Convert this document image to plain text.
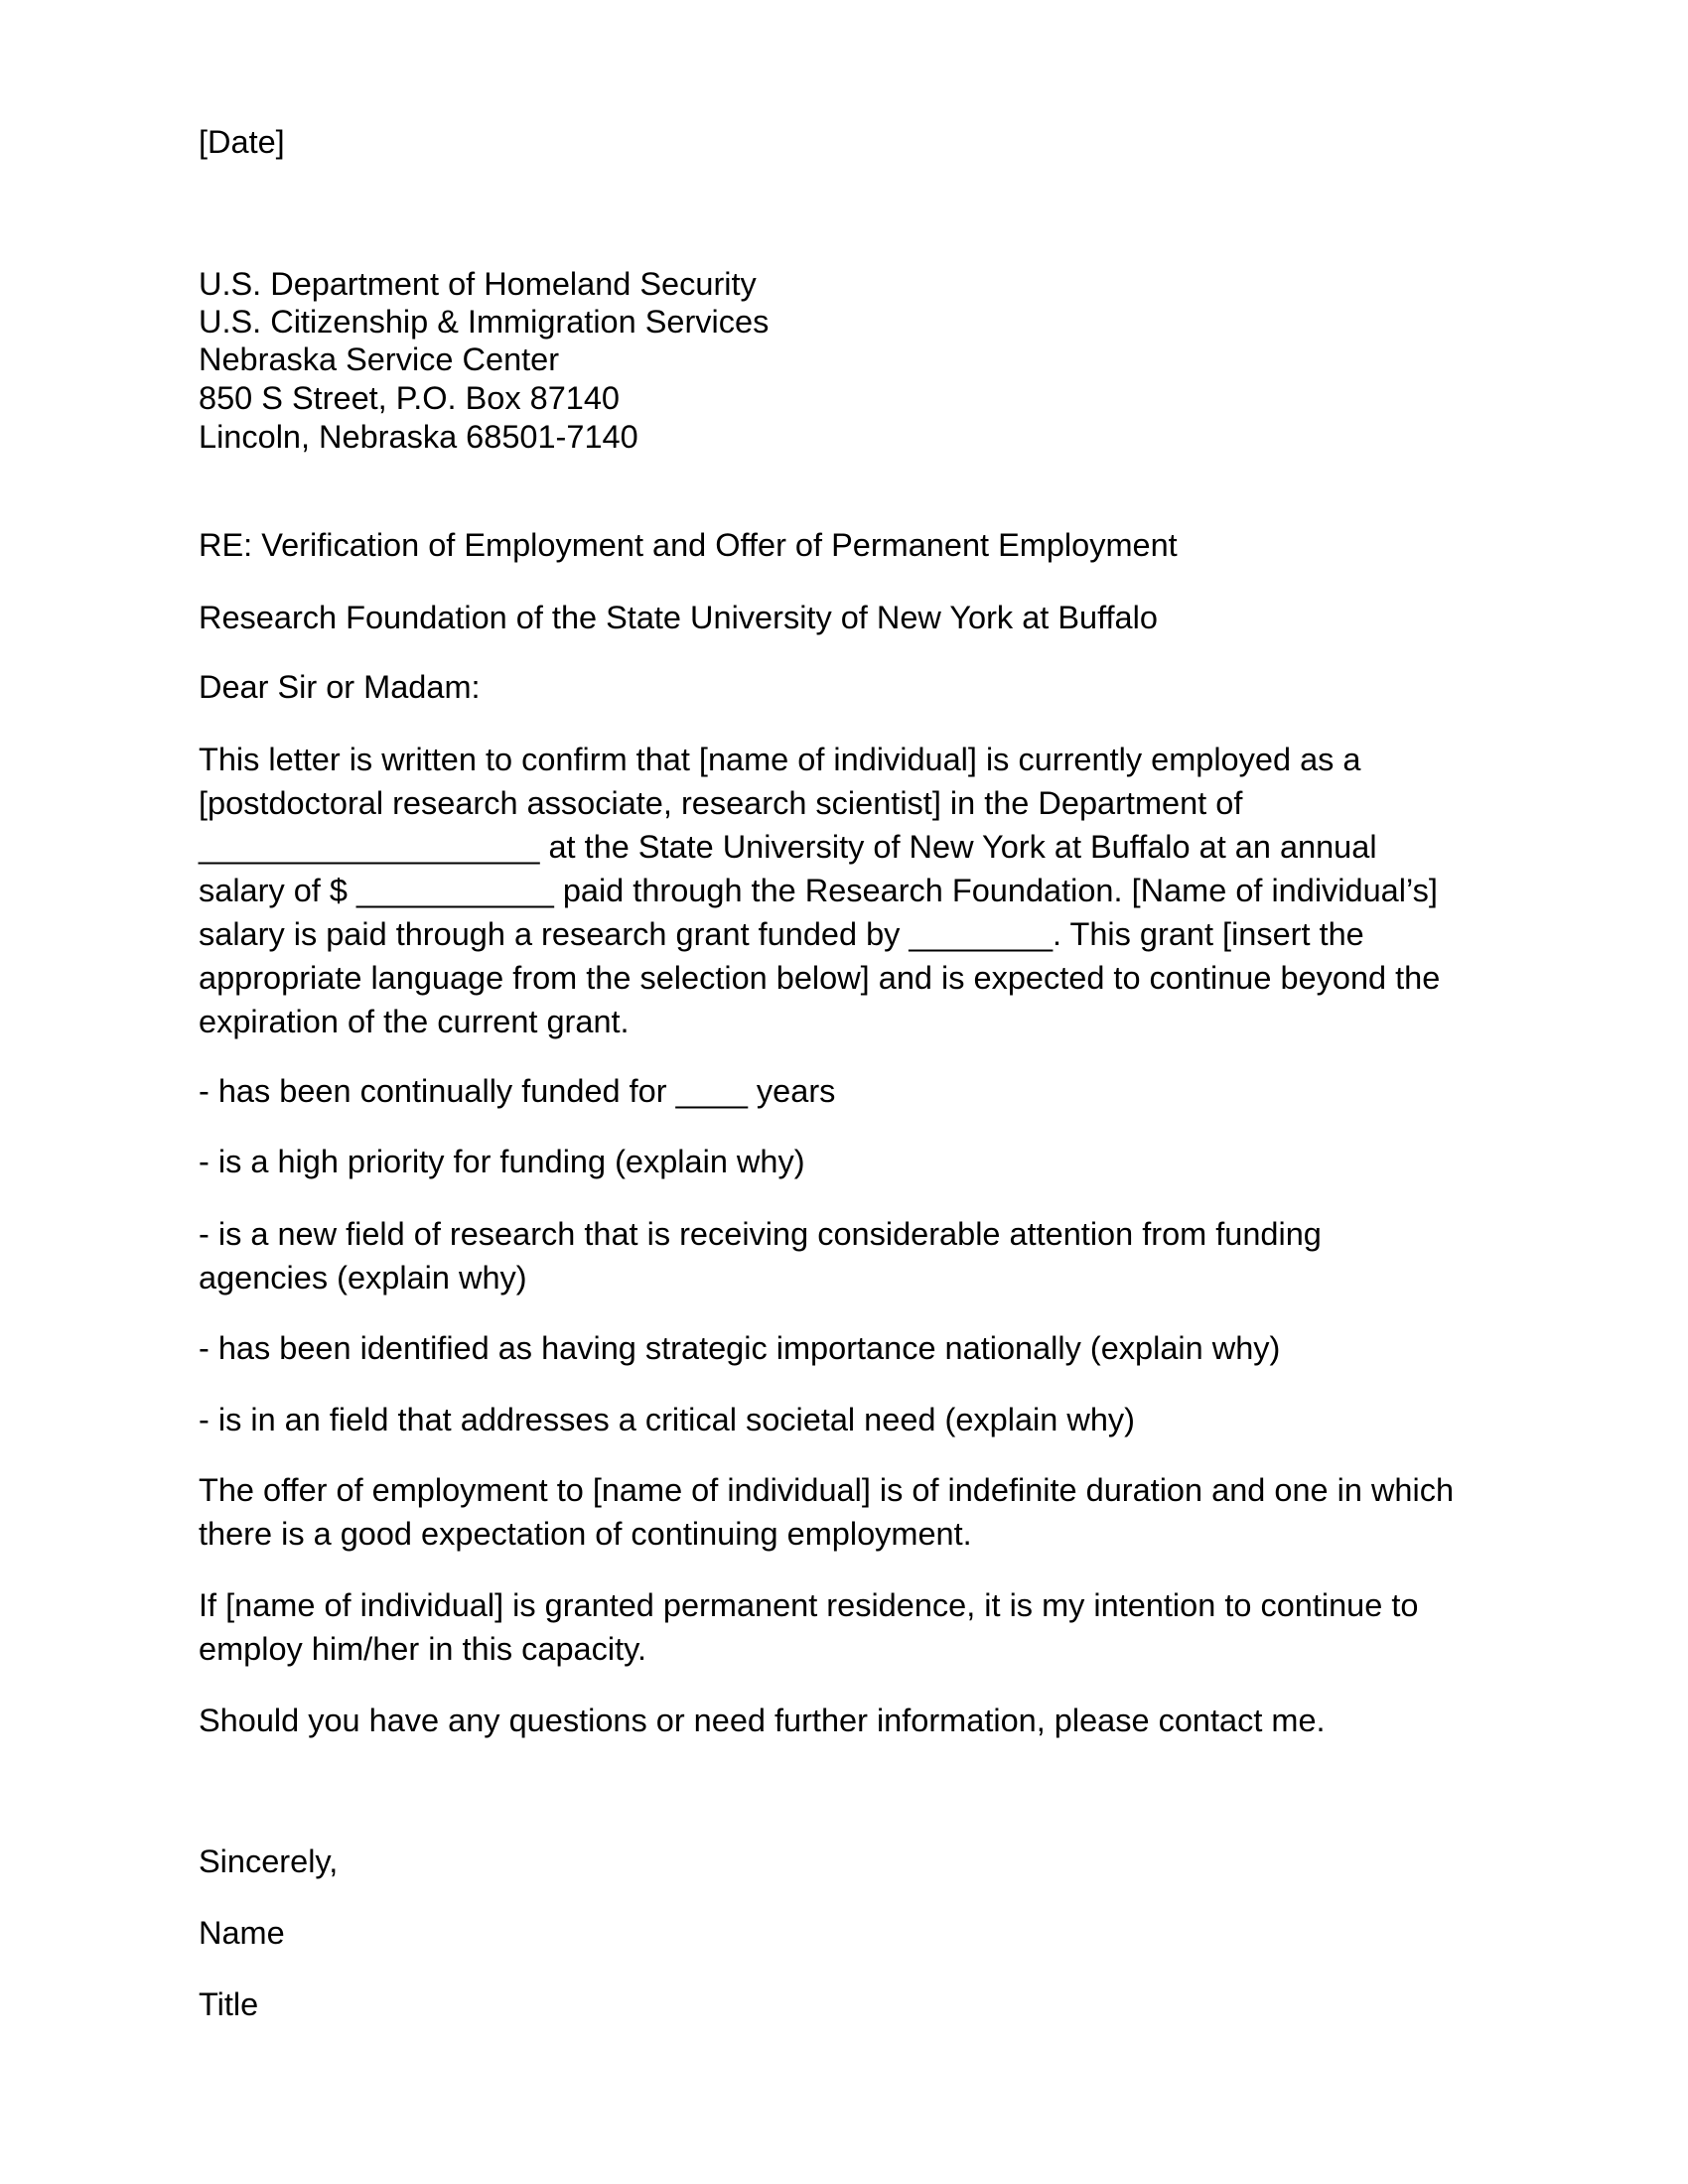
[Date]
U.S. Department of Homeland Security
U.S. Citizenship & Immigration Services
Nebraska Service Center
850 S Street, P.O. Box 87140
Lincoln, Nebraska 68501-7140
RE: Verification of Employment and Offer of Permanent Employment
Research Foundation of the State University of New York at Buffalo
Dear Sir or Madam:
This letter is written to confirm that [name of individual] is currently employed as a
[postdoctoral research associate, research scientist] in the Department of
___________________ at the State University of New York at Buffalo at an annual
salary of $ ___________ paid through the Research Foundation. [Name of individual’s]
salary is paid through a research grant funded by ________. This grant [insert the
appropriate language from the selection below] and is expected to continue beyond the
expiration of the current grant.
- has been continually funded for ____ years
- is a high priority for funding (explain why)
- is a new field of research that is receiving considerable attention from funding
agencies (explain why)
- has been identified as having strategic importance nationally (explain why)
- is in an field that addresses a critical societal need (explain why)
The offer of employment to [name of individual] is of indefinite duration and one in which
there is a good expectation of continuing employment.
If [name of individual] is granted permanent residence, it is my intention to continue to
employ him/her in this capacity.
Should you have any questions or need further information, please contact me.
Sincerely,
Name
Title
